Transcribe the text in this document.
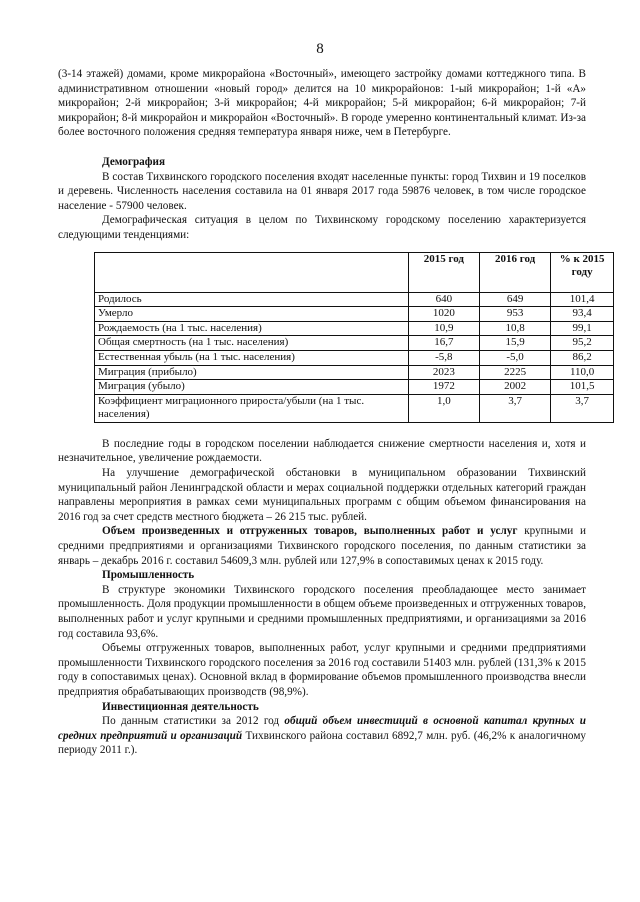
8

(3-14 этажей) домами, кроме микрорайона «Восточный», имеющего застройку домами коттеджного типа. В административном отношении «новый город» делится на 10 микрорайонов: 1-ый микрорайон; 1-й «А» микрорайон; 2-й микрорайон; 3-й микрорайон; 4-й микрорайон; 5-й микрорайон; 6-й микрорайон; 7-й микрорайон; 8-й микрорайон и микрорайон «Восточный». В городе умеренно континентальный климат. Из-за более восточного положения средняя температура января ниже, чем в Петербурге.

Демография

В состав Тихвинского городского поселения входят населенные пункты: город Тихвин и 19 поселков и деревень. Численность населения составила на 01 января 2017 года 59876 человек, в том числе городское население - 57900 человек.

Демографическая ситуация в целом по Тихвинскому городскому поселению характеризуется следующими тенденциями:

	2015 год	2016 год	% к 2015 году
Родилось	640	649	101,4
Умерло	1020	953	93,4
Рождаемость (на 1 тыс. населения)	10,9	10,8	99,1
Общая смертность (на 1 тыс. населения)	16,7	15,9	95,2
Естественная убыль (на 1 тыс. населения)	-5,8	-5,0	86,2
Миграция (прибыло)	2023	2225	110,0
Миграция (убыло)	1972	2002	101,5
Коэффициент миграционного прироста/убыли (на 1 тыс. населения)	1,0	3,7	3,7

В последние годы в городском поселении наблюдается снижение смертности населения и, хотя и незначительное, увеличение рождаемости.

На улучшение демографической обстановки в муниципальном образовании Тихвинский муниципальный район Ленинградской области и мерах социальной поддержки отдельных категорий граждан направлены мероприятия в рамках семи муниципальных программ с общим объемом финансирования на 2016 год за счет средств местного бюджета – 26 215 тыс. рублей.

Объем произведенных и отгруженных товаров, выполненных работ и услуг крупными и средними предприятиями и организациями Тихвинского городского поселения, по данным статистики за январь – декабрь 2016 г. составил 54609,3 млн. рублей или 127,9% в сопоставимых ценах к 2015 году.

Промышленность

В структуре экономики Тихвинского городского поселения преобладающее место занимает промышленность. Доля продукции промышленности в общем объеме произведенных и отгруженных товаров, выполненных работ и услуг крупными и средними промышленных предприятиями, и организациями за 2016 год составила 93,6%.

Объемы отгруженных товаров, выполненных работ, услуг крупными и средними предприятиями промышленности Тихвинского городского поселения за 2016 год составили 51403 млн. рублей (131,3% к 2015 году в сопоставимых ценах). Основной вклад в формирование объемов промышленного производства внесли предприятия обрабатывающих производств (98,9%).

Инвестиционная деятельность

По данным статистики за 2012 год общий объем инвестиций в основной капитал крупных и средних предприятий и организаций Тихвинского района составил 6892,7 млн. руб. (46,2% к аналогичному периоду 2011 г.).
